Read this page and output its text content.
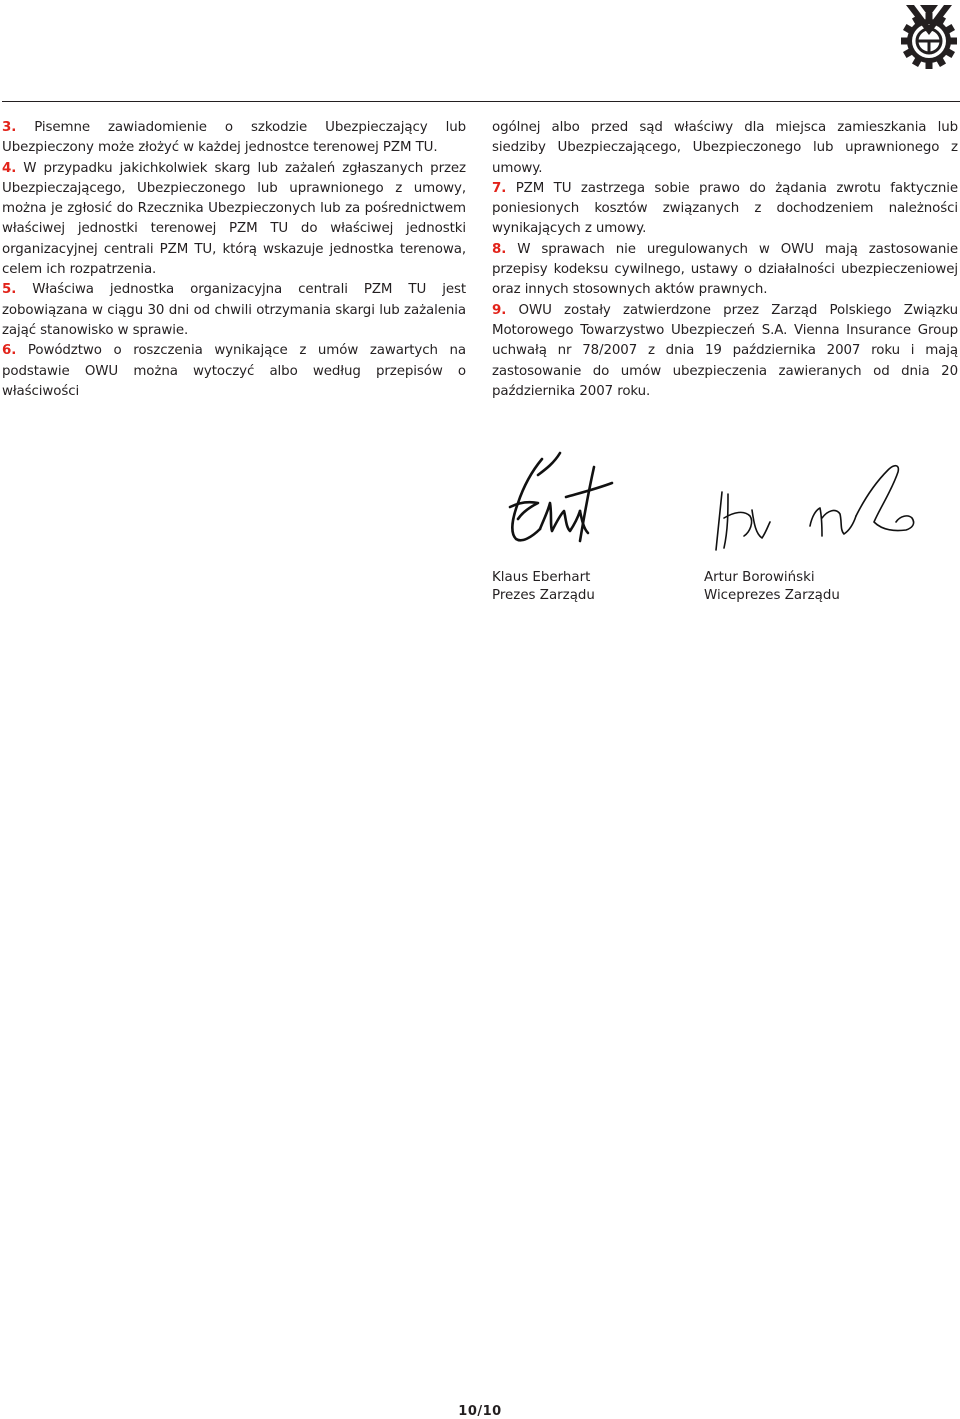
3. Pisemne zawiadomienie o szkodzie Ubezpieczający lub Ubezpieczony może złożyć w każdej jednostce terenowej PZM TU.

4. W przypadku jakichkolwiek skarg lub zażaleń zgłaszanych przez Ubezpieczającego, Ubezpieczonego lub uprawnionego z umowy, można je zgłosić do Rzecznika Ubezpieczonych lub za pośrednictwem właściwej jednostki terenowej PZM TU do właściwej jednostki organizacyjnej centrali PZM TU, którą wskazuje jednostka terenowa, celem ich rozpatrzenia.

5. Właściwa jednostka organizacyjna centrali PZM TU jest zobowiązana w ciągu 30 dni od chwili otrzymania skargi lub zażalenia zająć stanowisko w sprawie.

6. Powództwo o roszczenia wynikające z umów zawartych na podstawie OWU można wytoczyć albo według przepisów o właściwości

ogólnej albo przed sąd właściwy dla miejsca zamieszkania lub siedziby Ubezpieczającego, Ubezpieczonego lub uprawnionego z umowy.

7. PZM TU zastrzega sobie prawo do żądania zwrotu faktycznie poniesionych kosztów związanych z dochodzeniem należności wynikających z umowy.

8. W sprawach nie uregulowanych w OWU mają zastosowanie przepisy kodeksu cywilnego, ustawy o działalności ubezpieczeniowej oraz innych stosownych aktów prawnych.

9. OWU zostały zatwierdzone przez Zarząd Polskiego Związku Motorowego Towarzystwo Ubezpieczeń S.A. Vienna Insurance Group uchwałą nr 78/2007 z dnia 19 października 2007 roku i mają zastosowanie do umów ubezpieczenia zawieranych od dnia 20 października 2007 roku.

Klaus Eberhart
Prezes Zarządu
Artur Borowiński
Wiceprezes Zarządu
10/10
